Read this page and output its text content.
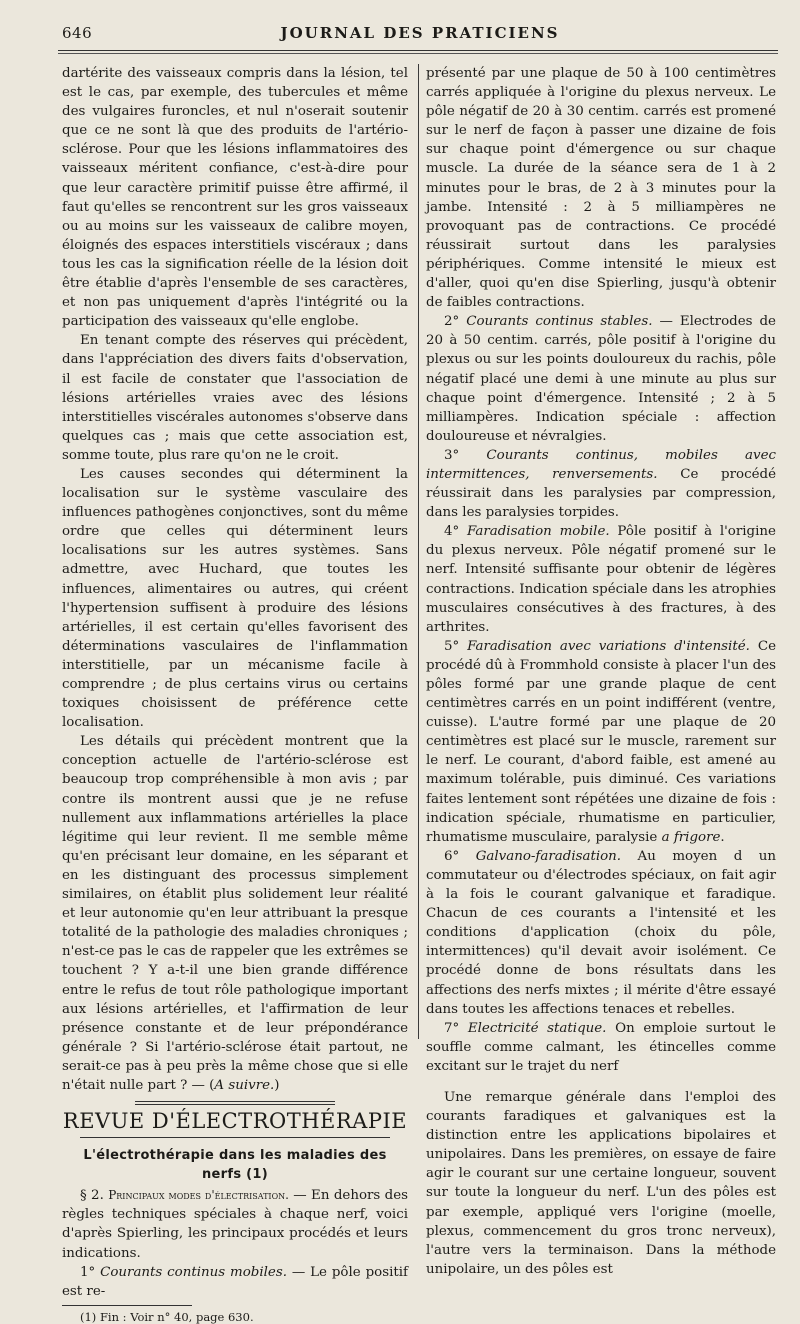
646	JOURNAL DES PRATICIENS

dartérite des vaisseaux compris dans la lésion, tel est le cas, par exemple, des tubercules et même des vulgaires furoncles, et nul n'oserait soutenir que ce ne sont là que des produits de l'artério-sclérose. Pour que les lésions inflammatoires des vaisseaux méritent confiance, c'est-à-dire pour que leur caractère primitif puisse être affirmé, il faut qu'elles se rencontrent sur les gros vaisseaux ou au moins sur les vaisseaux de calibre moyen, éloignés des espaces interstitiels viscéraux ; dans tous les cas la signification réelle de la lésion doit être établie d'après l'ensemble de ses caractères, et non pas uniquement d'après l'intégrité ou la participation des vaisseaux qu'elle englobe.

En tenant compte des réserves qui précèdent, dans l'appréciation des divers faits d'observation, il est facile de constater que l'association de lésions artérielles vraies avec des lésions interstitielles viscérales autonomes s'observe dans quelques cas ; mais que cette association est, somme toute, plus rare qu'on ne le croit.

Les causes secondes qui déterminent la localisation sur le système vasculaire des influences pathogènes conjonctives, sont du même ordre que celles qui déterminent leurs localisations sur les autres systèmes. Sans admettre, avec Huchard, que toutes les influences, alimentaires ou autres, qui créent l'hypertension suffisent à produire des lésions artérielles, il est certain qu'elles favorisent des déterminations vasculaires de l'inflammation interstitielle, par un mécanisme facile à comprendre ; de plus certains virus ou certains toxiques choisissent de préférence cette localisation.

Les détails qui précèdent montrent que la conception actuelle de l'artério-sclérose est beaucoup trop compréhensible à mon avis ; par contre ils montrent aussi que je ne refuse nullement aux inflammations artérielles la place légitime qui leur revient. Il me semble même qu'en précisant leur domaine, en les séparant et en les distinguant des processus simplement similaires, on établit plus solidement leur réalité et leur autonomie qu'en leur attribuant la presque totalité de la pathologie des maladies chroniques ; n'est-ce pas le cas de rappeler que les extrêmes se touchent ? Y a-t-il une bien grande différence entre le refus de tout rôle pathologique important aux lésions artérielles, et l'affirmation de leur présence constante et de leur prépondérance générale ? Si l'artério-sclérose était partout, ne serait-ce pas à peu près la même chose que si elle n'était nulle part ? — (A suivre.)

REVUE D'ÉLECTROTHÉRAPIE
L'électrothérapie dans les maladies des nerfs (1)

§ 2. Principaux modes d'électrisation. — En dehors des règles techniques spéciales à chaque nerf, voici d'après Spierling, les principaux procédés et leurs indications.

1° Courants continus mobiles. — Le pôle positif est re-

(1) Fin : Voir n° 40, page 630.

présenté par une plaque de 50 à 100 centimètres carrés appliquée à l'origine du plexus nerveux. Le pôle négatif de 20 à 30 centim. carrés est promené sur le nerf de façon à passer une dizaine de fois sur chaque point d'émergence ou sur chaque muscle. La durée de la séance sera de 1 à 2 minutes pour le bras, de 2 à 3 minutes pour la jambe. Intensité : 2 à 5 milliampères ne provoquant pas de contractions. Ce procédé réussirait surtout dans les paralysies périphériques. Comme intensité le mieux est d'aller, quoi qu'en dise Spierling, jusqu'à obtenir de faibles contractions.

2° Courants continus stables. — Electrodes de 20 à 50 centim. carrés, pôle positif à l'origine du plexus ou sur les points douloureux du rachis, pôle négatif placé une demi à une minute au plus sur chaque point d'émergence. Intensité ; 2 à 5 milliampères. Indication spéciale : affection douloureuse et névralgies.

3° Courants continus, mobiles avec intermittences, renversements. Ce procédé réussirait dans les paralysies par compression, dans les paralysies torpides.

4° Faradisation mobile. Pôle positif à l'origine du plexus nerveux. Pôle négatif promené sur le nerf. Intensité suffisante pour obtenir de légères contractions. Indication spéciale dans les atrophies musculaires consécutives à des fractures, à des arthrites.

5° Faradisation avec variations d'intensité. Ce procédé dû à Frommhold consiste à placer l'un des pôles formé par une grande plaque de cent centimètres carrés en un point indifférent (ventre, cuisse). L'autre formé par une plaque de 20 centimètres est placé sur le muscle, rarement sur le nerf. Le courant, d'abord faible, est amené au maximum tolérable, puis diminué. Ces variations faites lentement sont répétées une dizaine de fois : indication spéciale, rhumatisme en particulier, rhumatisme musculaire, paralysie a frigore.

6° Galvano-faradisation. Au moyen d un commutateur ou d'électrodes spéciaux, on fait agir à la fois le courant galvanique et faradique. Chacun de ces courants a l'intensité et les conditions d'application (choix du pôle, intermittences) qu'il devait avoir isolément. Ce procédé donne de bons résultats dans les affections des nerfs mixtes ; il mérite d'être essayé dans toutes les affections tenaces et rebelles.

7° Electricité statique. On emploie surtout le souffle comme calmant, les étincelles comme excitant sur le trajet du nerf

Une remarque générale dans l'emploi des courants faradiques et galvaniques est la distinction entre les applications bipolaires et unipolaires. Dans les premières, on essaye de faire agir le courant sur une certaine longueur, souvent sur toute la longueur du nerf. L'un des pôles est par exemple, appliqué vers l'origine (moelle, plexus, commencement du gros tronc nerveux), l'autre vers la terminaison. Dans la méthode unipolaire, un des pôles est
